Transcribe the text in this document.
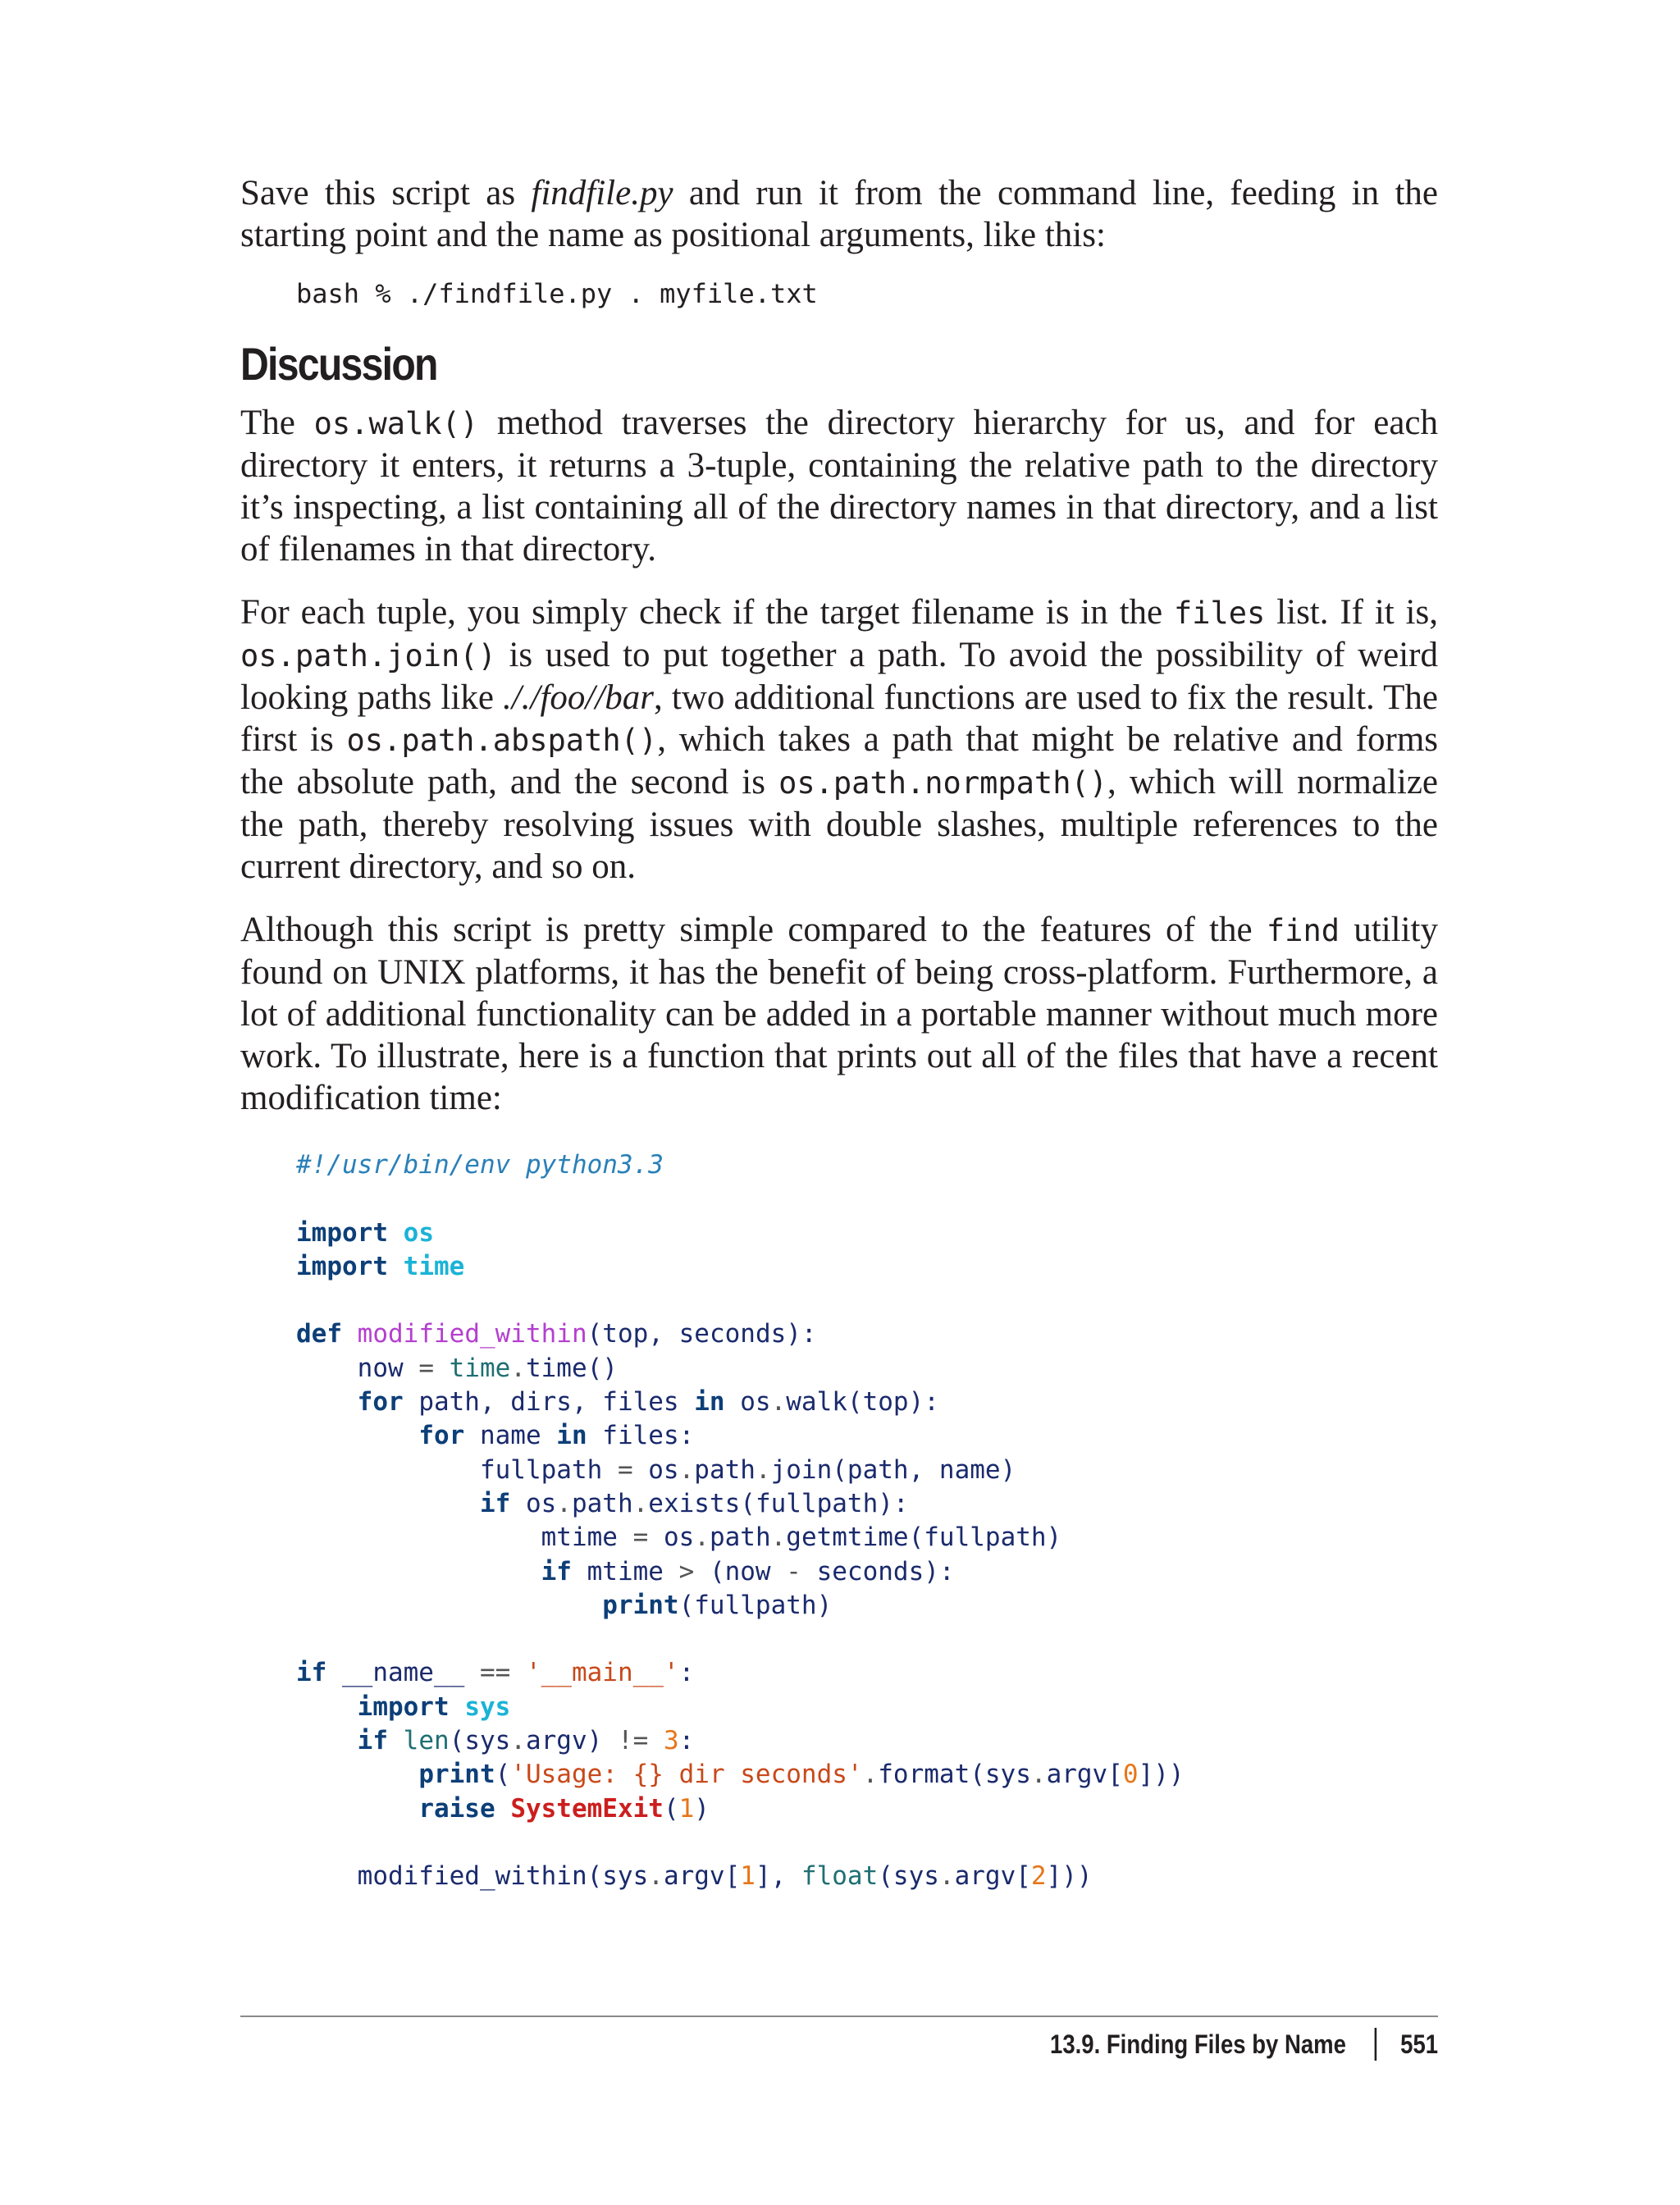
Save this script as findfile.py and run it from the command line, feeding in the starting point and the name as positional arguments, like this:

bash % ./findfile.py . myfile.txt
Discussion

The os.walk() method traverses the directory hierarchy for us, and for each directory it enters, it returns a 3-tuple, containing the relative path to the directory it’s inspecting, a list containing all of the directory names in that directory, and a list of filenames in that directory.

For each tuple, you simply check if the target filename is in the files list. If it is, os.path.join() is used to put together a path. To avoid the possibility of weird looking paths like ././foo//bar, two additional functions are used to fix the result. The first is os.path.abspath(), which takes a path that might be relative and forms the absolute path, and the second is os.path.normpath(), which will normalize the path, thereby resolving issues with double slashes, multiple references to the current directory, and so on.

Although this script is pretty simple compared to the features of the find utility found on UNIX platforms, it has the benefit of being cross-platform. Furthermore, a lot of additional functionality can be added in a portable manner without much more work. To illustrate, here is a function that prints out all of the files that have a recent modification time:

#!/usr/bin/env python3.3
import os
import time
def modified_within(top, seconds):
now = time.time()
for path, dirs, files in os.walk(top):
for name in files:
fullpath = os.path.join(path, name)
if os.path.exists(fullpath):
mtime = os.path.getmtime(fullpath)
if mtime > (now - seconds):
print(fullpath)
if __name__ == '__main__':
import sys
if len(sys.argv) != 3:
print('Usage: {} dir seconds'.format(sys.argv[0]))
raise SystemExit(1)
modified_within(sys.argv[1], float(sys.argv[2]))
13.9. Finding Files by Name 551
